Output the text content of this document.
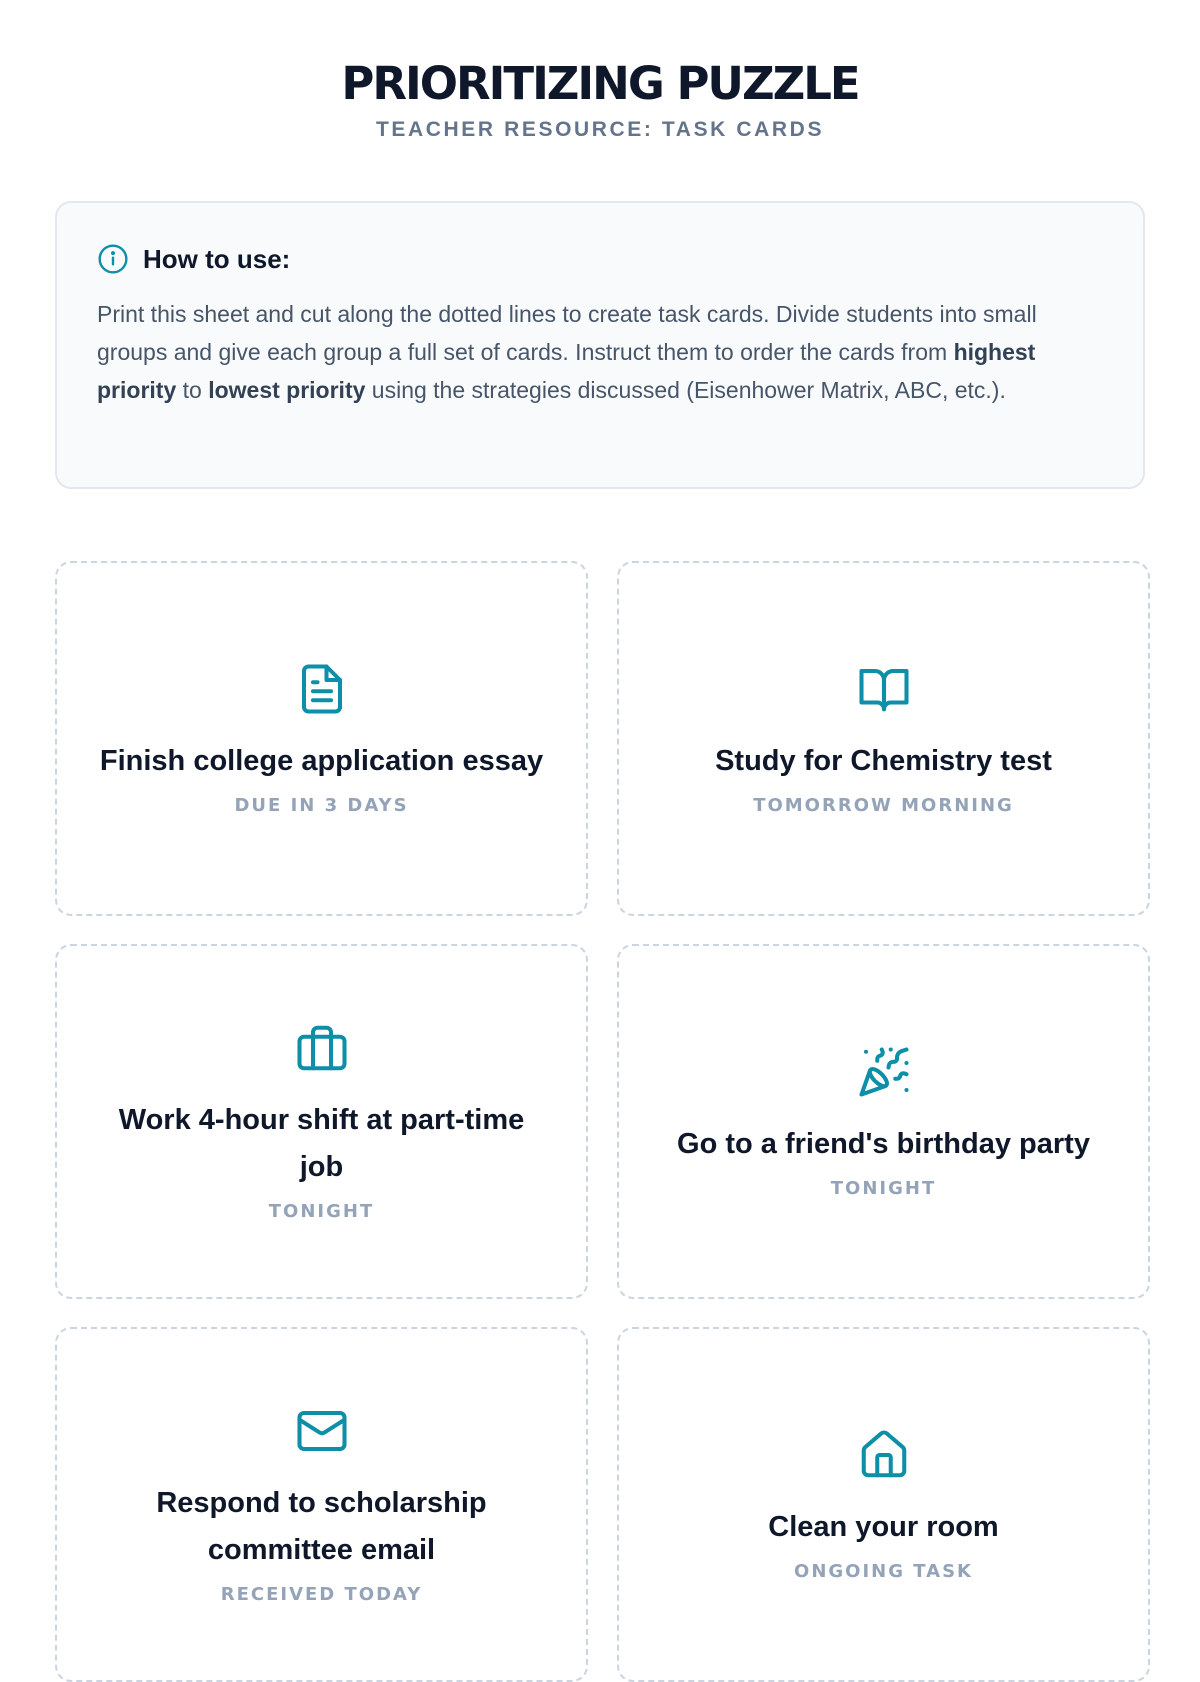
PRIORITIZING PUZZLE
TEACHER RESOURCE: TASK CARDS
How to use:
Print this sheet and cut along the dotted lines to create task cards. Divide students into small groups and give each group a full set of cards. Instruct them to order the cards from highest priority to lowest priority using the strategies discussed (Eisenhower Matrix, ABC, etc.).
Finish college application essay
DUE IN 3 DAYS
Study for Chemistry test
TOMORROW MORNING
Work 4-hour shift at part-time job
TONIGHT
Go to a friend's birthday party
TONIGHT
Respond to scholarship committee email
RECEIVED TODAY
Clean your room
ONGOING TASK
